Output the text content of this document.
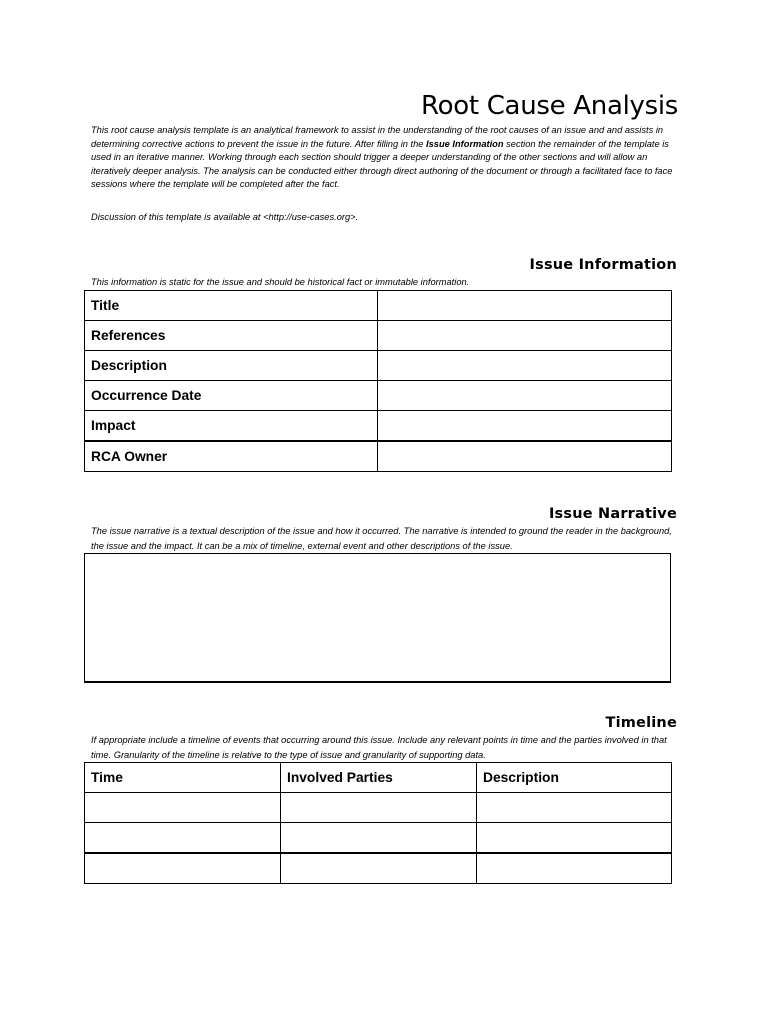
Root Cause Analysis

This root cause analysis template is an analytical framework to assist in the understanding of the root causes of an issue and and assists in determining corrective actions to prevent the issue in the future. After filling in the Issue Information section the remainder of the template is used in an iterative manner. Working through each section should trigger a deeper understanding of the other sections and will allow an iteratively deeper analysis. The analysis can be conducted either through direct authoring of the document or through a facilitated face to face sessions where the template will be completed after the fact.

Discussion of this template is available at <http://use-cases.org>.

Issue Information

This information is static for the issue and should be historical fact or immutable information.

Title	
References	
Description	
Occurrence Date	
Impact	
RCA Owner	
Issue Narrative

The issue narrative is a textual description of the issue and how it occurred. The narrative is intended to ground the reader in the background, the issue and the impact. It can be a mix of timeline, external event and other descriptions of the issue.

Timeline

If appropriate include a timeline of events that occurring around this issue. Include any relevant points in time and the parties involved in that time. Granularity of the timeline is relative to the type of issue and granularity of supporting data.

Time	Involved Parties	Description
